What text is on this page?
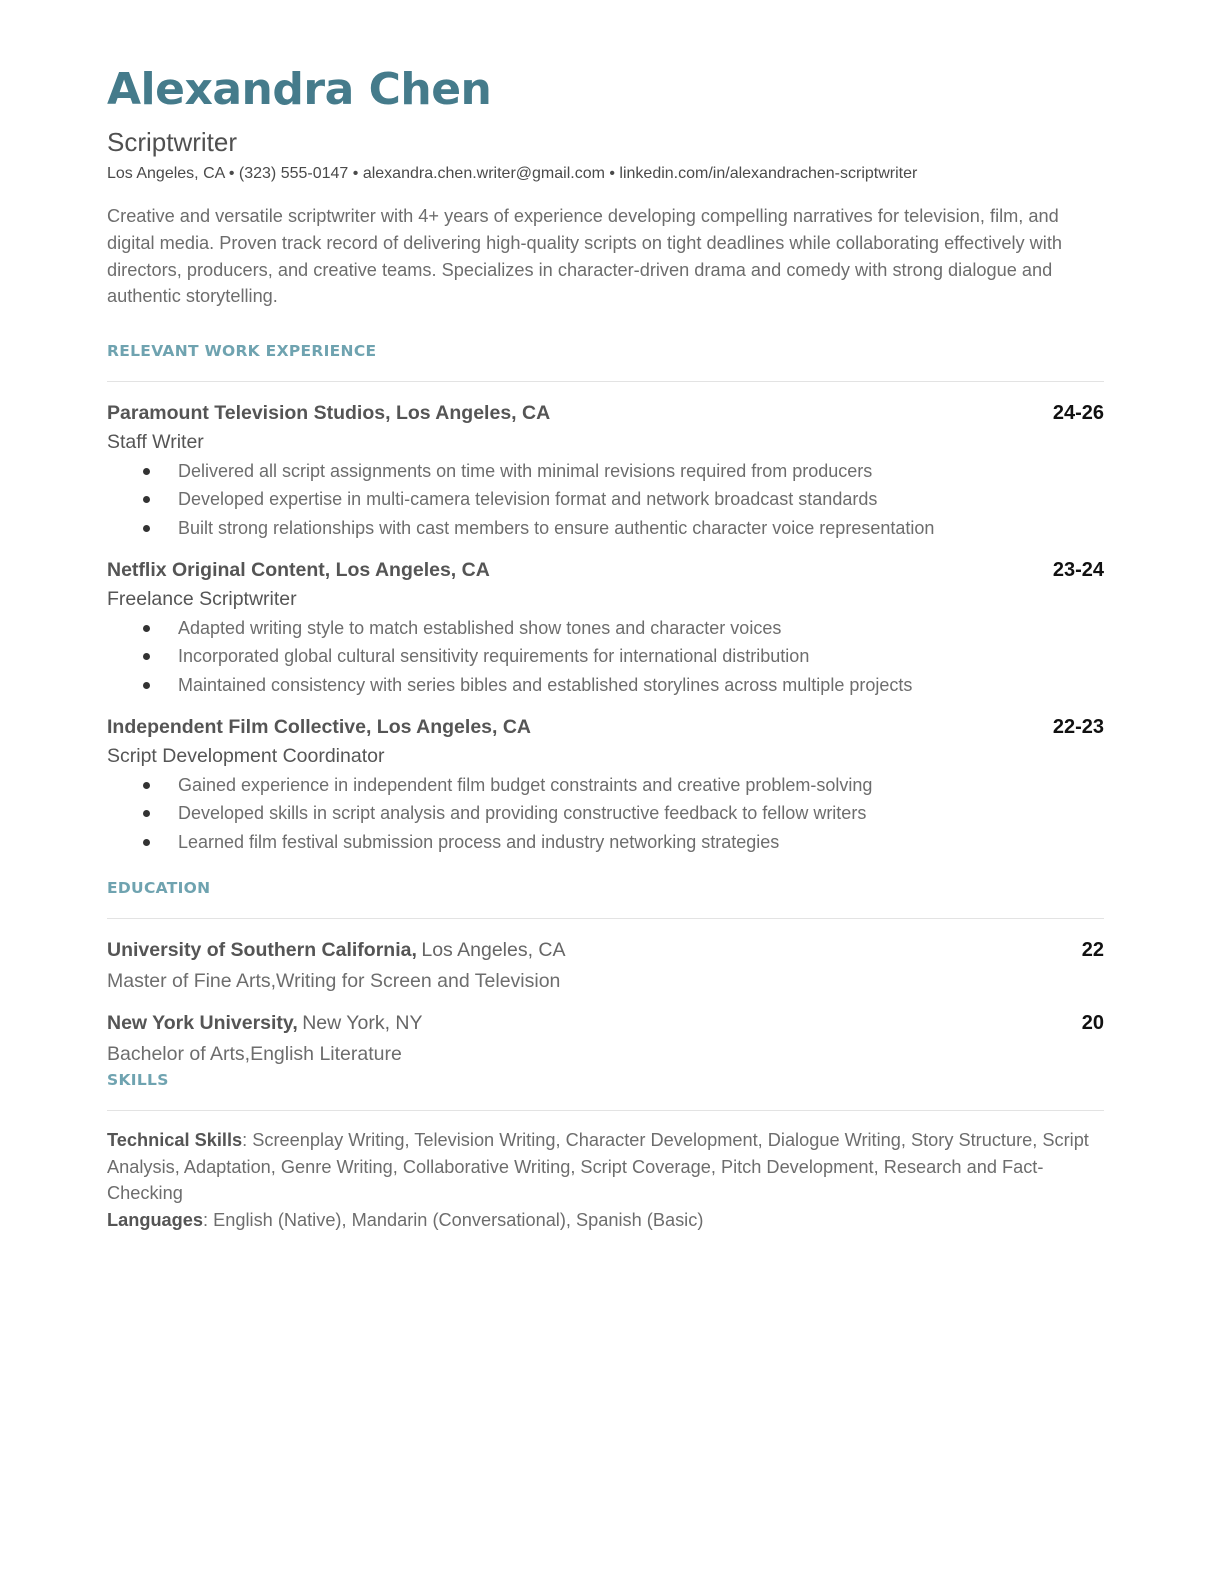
Alexandra Chen
Scriptwriter
Los Angeles, CA • (323) 555-0147 • alexandra.chen.writer@gmail.com • linkedin.com/in/alexandrachen-scriptwriter
Creative and versatile scriptwriter with 4+ years of experience developing compelling narratives for television, film, and digital media. Proven track record of delivering high-quality scripts on tight deadlines while collaborating effectively with directors, producers, and creative teams. Specializes in character-driven drama and comedy with strong dialogue and authentic storytelling.
RELEVANT WORK EXPERIENCE
Paramount Television Studios, Los Angeles, CA	24-26
Staff Writer
Delivered all script assignments on time with minimal revisions required from producers
Developed expertise in multi-camera television format and network broadcast standards
Built strong relationships with cast members to ensure authentic character voice representation
Netflix Original Content, Los Angeles, CA	23-24
Freelance Scriptwriter
Adapted writing style to match established show tones and character voices
Incorporated global cultural sensitivity requirements for international distribution
Maintained consistency with series bibles and established storylines across multiple projects
Independent Film Collective, Los Angeles, CA	22-23
Script Development Coordinator
Gained experience in independent film budget constraints and creative problem-solving
Developed skills in script analysis and providing constructive feedback to fellow writers
Learned film festival submission process and industry networking strategies
EDUCATION
University of Southern California, Los Angeles, CA	22
Master of Fine Arts,Writing for Screen and Television
New York University, New York, NY	20
Bachelor of Arts,English Literature
SKILLS
Technical Skills: Screenplay Writing, Television Writing, Character Development, Dialogue Writing, Story Structure, Script Analysis, Adaptation, Genre Writing, Collaborative Writing, Script Coverage, Pitch Development, Research and Fact-Checking
Languages: English (Native), Mandarin (Conversational), Spanish (Basic)
